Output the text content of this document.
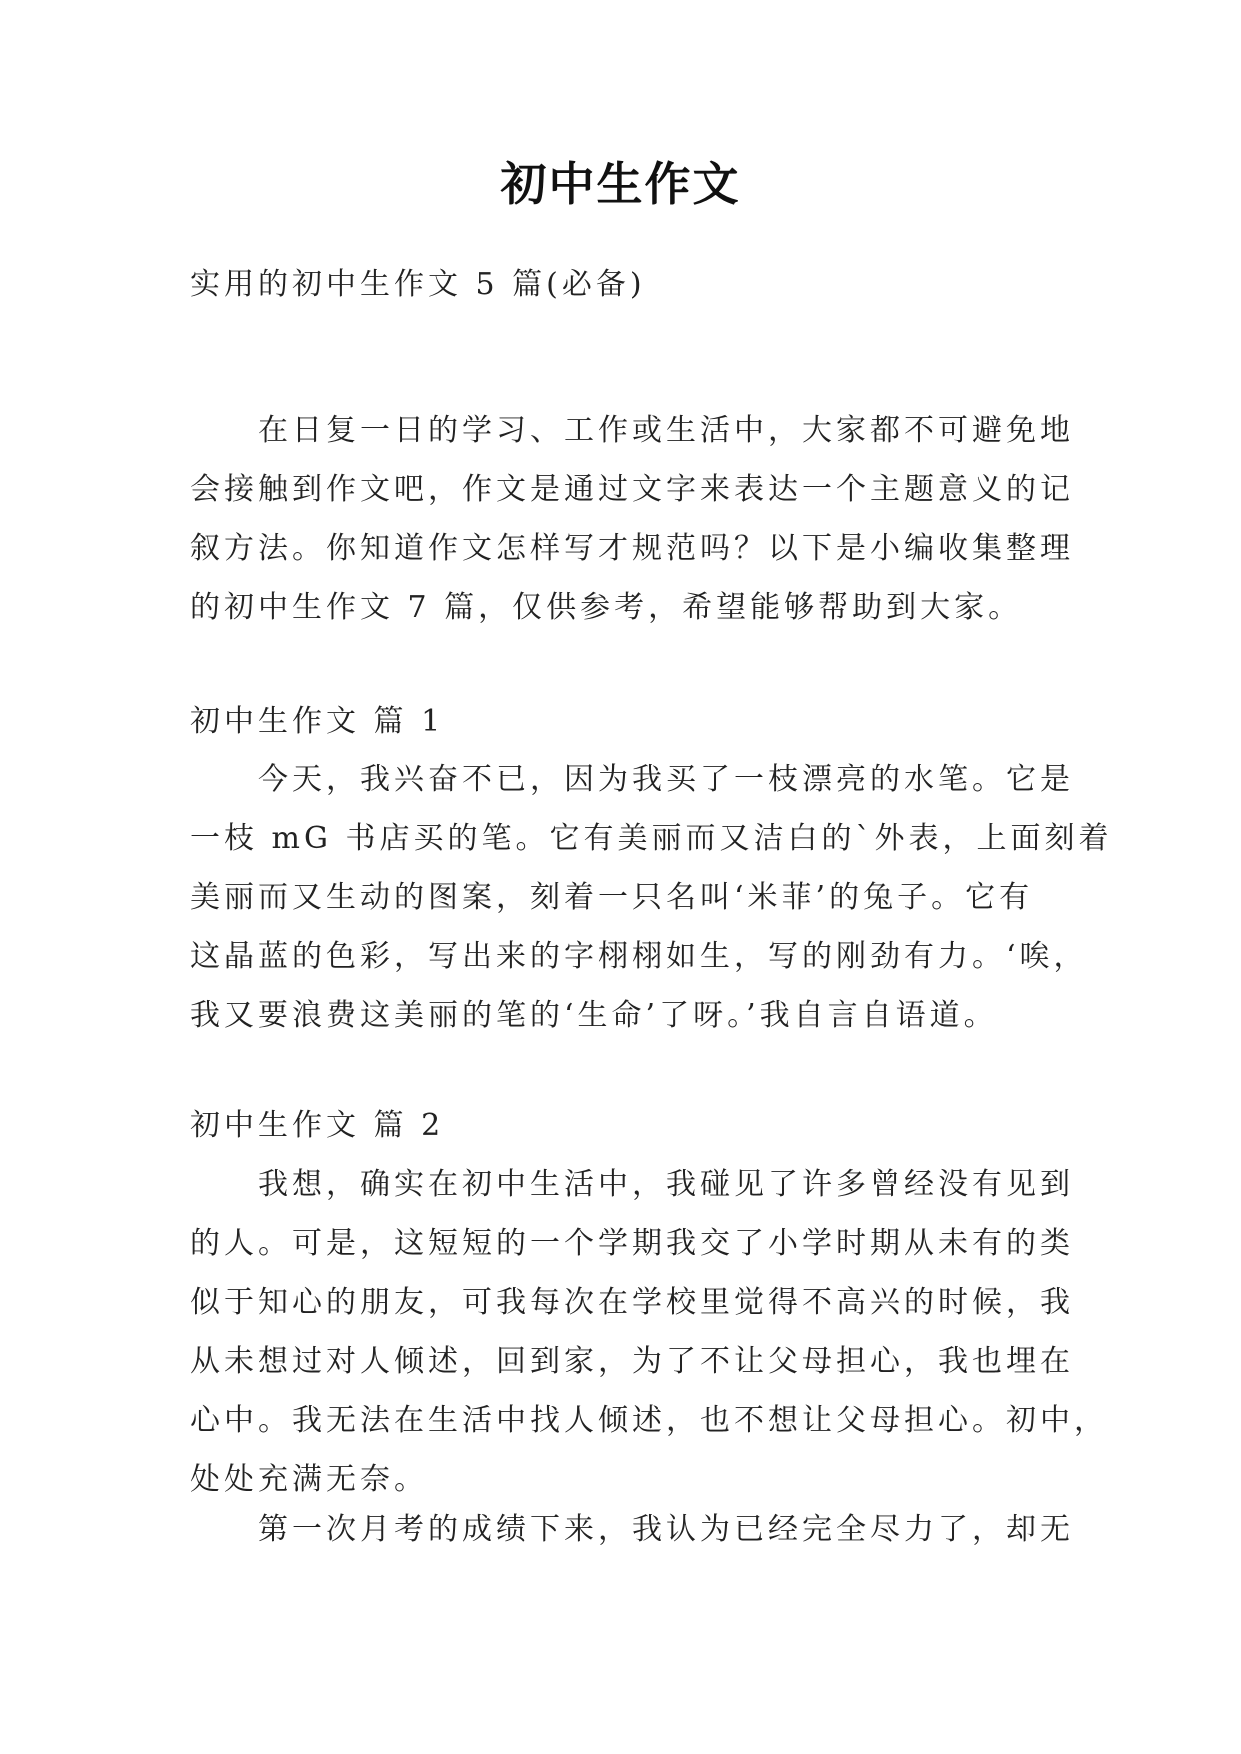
初中生作文

实用的初中生作文 5 篇(必备)

在日复一日的学习、工作或生活中，大家都不可避免地
会接触到作文吧，作文是通过文字来表达一个主题意义的记
叙方法。你知道作文怎样写才规范吗？以下是小编收集整理
的初中生作文 7 篇，仅供参考，希望能够帮助到大家。

初中生作文 篇 1

今天，我兴奋不已，因为我买了一枝漂亮的水笔。它是
一枝 mG 书店买的笔。它有美丽而又洁白的`外表，上面刻着
美丽而又生动的图案，刻着一只名叫‘米菲’的兔子。它有
这晶蓝的色彩，写出来的字栩栩如生，写的刚劲有力。‘唉，
我又要浪费这美丽的笔的‘生命’了呀。’我自言自语道。

初中生作文 篇 2

我想，确实在初中生活中，我碰见了许多曾经没有见到
的人。可是，这短短的一个学期我交了小学时期从未有的类
似于知心的朋友，可我每次在学校里觉得不高兴的时候，我
从未想过对人倾述，回到家，为了不让父母担心，我也埋在
心中。我无法在生活中找人倾述，也不想让父母担心。初中，
处处充满无奈。

第一次月考的成绩下来，我认为已经完全尽力了，却无
